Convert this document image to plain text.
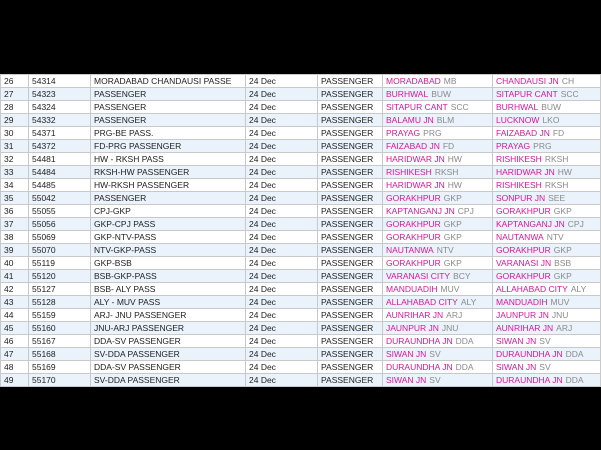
26	54314	MORADABAD CHANDAUSI PASSE	24 Dec	PASSENGER	MORADABAD MB	CHANDAUSI JN CH
27	54323	PASSENGER	24 Dec	PASSENGER	BURHWAL BUW	SITAPUR CANT SCC
28	54324	PASSENGER	24 Dec	PASSENGER	SITAPUR CANT SCC	BURHWAL BUW
29	54332	PASSENGER	24 Dec	PASSENGER	BALAMU JN BLM	LUCKNOW LKO
30	54371	PRG-BE PASS.	24 Dec	PASSENGER	PRAYAG PRG	FAIZABAD JN FD
31	54372	FD-PRG PASSENGER	24 Dec	PASSENGER	FAIZABAD JN FD	PRAYAG PRG
32	54481	HW - RKSH PASS	24 Dec	PASSENGER	HARIDWAR JN HW	RISHIKESH RKSH
33	54484	RKSH-HW PASSENGER	24 Dec	PASSENGER	RISHIKESH RKSH	HARIDWAR JN HW
34	54485	HW-RKSH PASSENGER	24 Dec	PASSENGER	HARIDWAR JN HW	RISHIKESH RKSH
35	55042	PASSENGER	24 Dec	PASSENGER	GORAKHPUR GKP	SONPUR JN SEE
36	55055	CPJ-GKP	24 Dec	PASSENGER	KAPTANGANJ JN CPJ	GORAKHPUR GKP
37	55056	GKP-CPJ PASS	24 Dec	PASSENGER	GORAKHPUR GKP	KAPTANGANJ JN CPJ
38	55069	GKP-NTV-PASS	24 Dec	PASSENGER	GORAKHPUR GKP	NAUTANWA NTV
39	55070	NTV-GKP-PASS	24 Dec	PASSENGER	NAUTANWA NTV	GORAKHPUR GKP
40	55119	GKP-BSB	24 Dec	PASSENGER	GORAKHPUR GKP	VARANASI JN BSB
41	55120	BSB-GKP-PASS	24 Dec	PASSENGER	VARANASI CITY BCY	GORAKHPUR GKP
42	55127	BSB- ALY PASS	24 Dec	PASSENGER	MANDUADIH MUV	ALLAHABAD CITY ALY
43	55128	ALY - MUV PASS	24 Dec	PASSENGER	ALLAHABAD CITY ALY	MANDUADIH MUV
44	55159	ARJ- JNU PASSENGER	24 Dec	PASSENGER	AUNRIHAR JN ARJ	JAUNPUR JN JNU
45	55160	JNU-ARJ PASSENGER	24 Dec	PASSENGER	JAUNPUR JN JNU	AUNRIHAR JN ARJ
46	55167	DDA-SV PASSENGER	24 Dec	PASSENGER	DURAUNDHA JN DDA	SIWAN JN SV
47	55168	SV-DDA PASSENGER	24 Dec	PASSENGER	SIWAN JN SV	DURAUNDHA JN DDA
48	55169	DDA-SV PASSENGER	24 Dec	PASSENGER	DURAUNDHA JN DDA	SIWAN JN SV
49	55170	SV-DDA PASSENGER	24 Dec	PASSENGER	SIWAN JN SV	DURAUNDHA JN DDA
